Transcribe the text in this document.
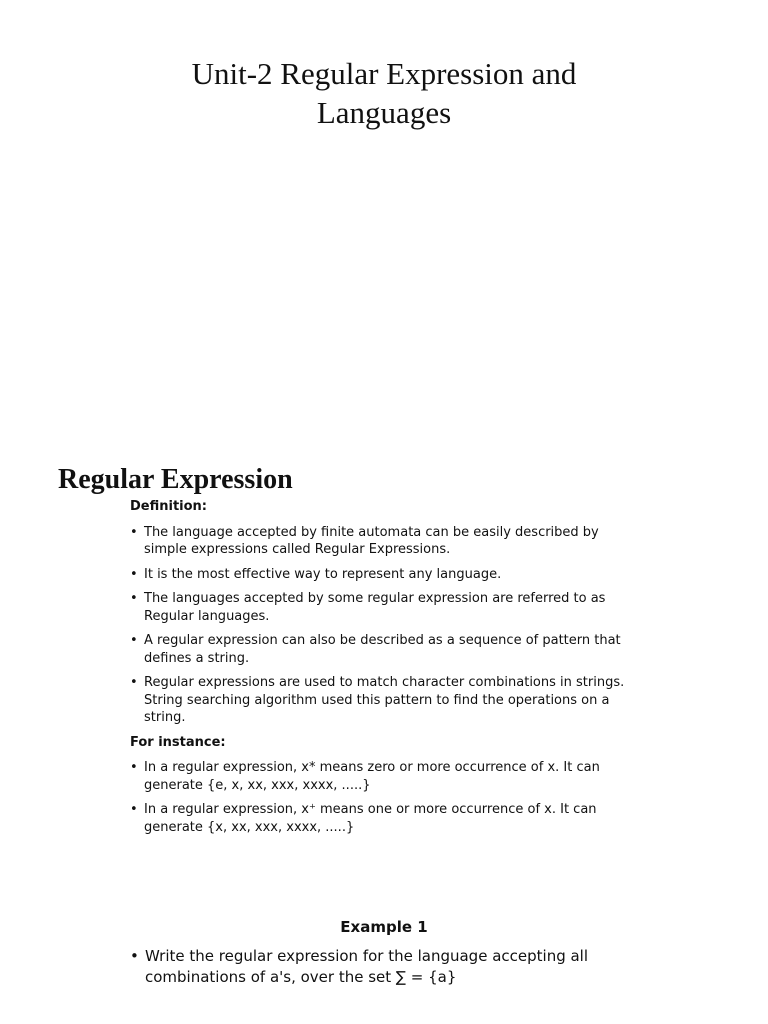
Unit-2 Regular Expression and
Languages
Regular Expression

Definition:

• The language accepted by finite automata can be easily described by
simple expressions called Regular Expressions.
• It is the most effective way to represent any language.
• The languages accepted by some regular expression are referred to as
Regular languages.
• A regular expression can also be described as a sequence of pattern that
defines a string.
• Regular expressions are used to match character combinations in strings.
String searching algorithm used this pattern to find the operations on a
string.

For instance:

• In a regular expression, x* means zero or more occurrence of x. It can
generate {e, x, xx, xxx, xxxx, .....}
• In a regular expression, x⁺ means one or more occurrence of x. It can
generate {x, xx, xxx, xxxx, .....}
Example 1
• Write the regular expression for the language accepting all
combinations of a's, over the set ∑ = {a}
